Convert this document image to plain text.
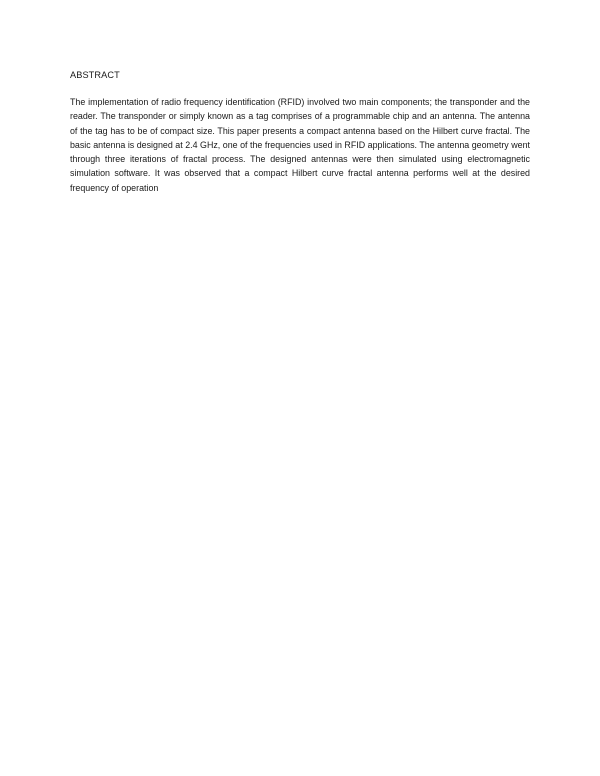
ABSTRACT

The implementation of radio frequency identification (RFID) involved two main components; the transponder and the reader. The transponder or simply known as a tag comprises of a programmable chip and an antenna. The antenna of the tag has to be of compact size. This paper presents a compact antenna based on the Hilbert curve fractal. The basic antenna is designed at 2.4 GHz, one of the frequencies used in RFID applications. The antenna geometry went through three iterations of fractal process. The designed antennas were then simulated using electromagnetic simulation software. It was observed that a compact Hilbert curve fractal antenna performs well at the desired frequency of operation
